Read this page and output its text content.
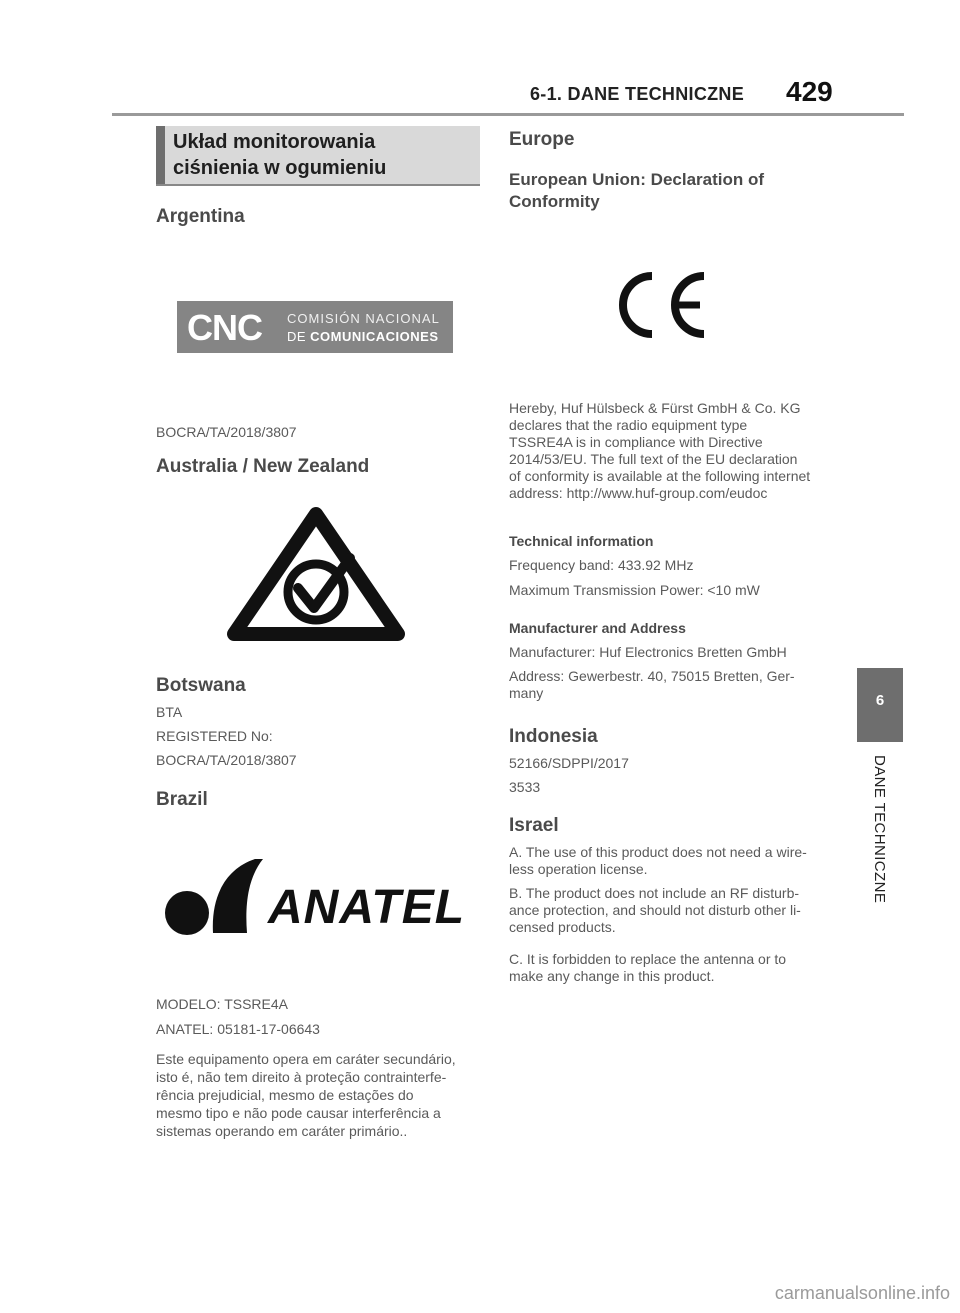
6-1. DANE TECHNICZNE	429
Układ monitorowania
ciśnienia w ogumieniu
Argentina
CNC COMISIÓN NACIONAL
DE COMUNICACIONES
BOCRA/TA/2018/3807
Australia / New Zealand
Botswana
BTA
REGISTERED No:
BOCRA/TA/2018/3807
Brazil
ANATEL
MODELO: TSSRE4A
ANATEL: 05181-17-06643
Este equipamento opera em caráter secundário,
isto é, não tem direito à proteção contrainterfe-
rência prejudicial, mesmo de estações do
mesmo tipo e não pode causar interferência a
sistemas operando em caráter primário..
Europe
European Union: Declaration of
Conformity
Hereby, Huf Hülsbeck & Fürst GmbH & Co. KG
declares that the radio equipment type
TSSRE4A is in compliance with Directive
2014/53/EU. The full text of the EU declaration
of conformity is available at the following internet
address: http://www.huf-group.com/eudoc
Technical information
Frequency band: 433.92 MHz
Maximum Transmission Power: <10 mW
Manufacturer and Address
Manufacturer: Huf Electronics Bretten GmbH
Address: Gewerbestr. 40, 75015 Bretten, Ger-
many
Indonesia
52166/SDPPI/2017
3533
Israel
A. The use of this product does not need a wire-
less operation license.
B. The product does not include an RF disturb-
ance protection, and should not disturb other li-
censed products.
C. It is forbidden to replace the antenna or to
make any change in this product.
6
DANE TECHNICZNE
carmanualsonline.info
